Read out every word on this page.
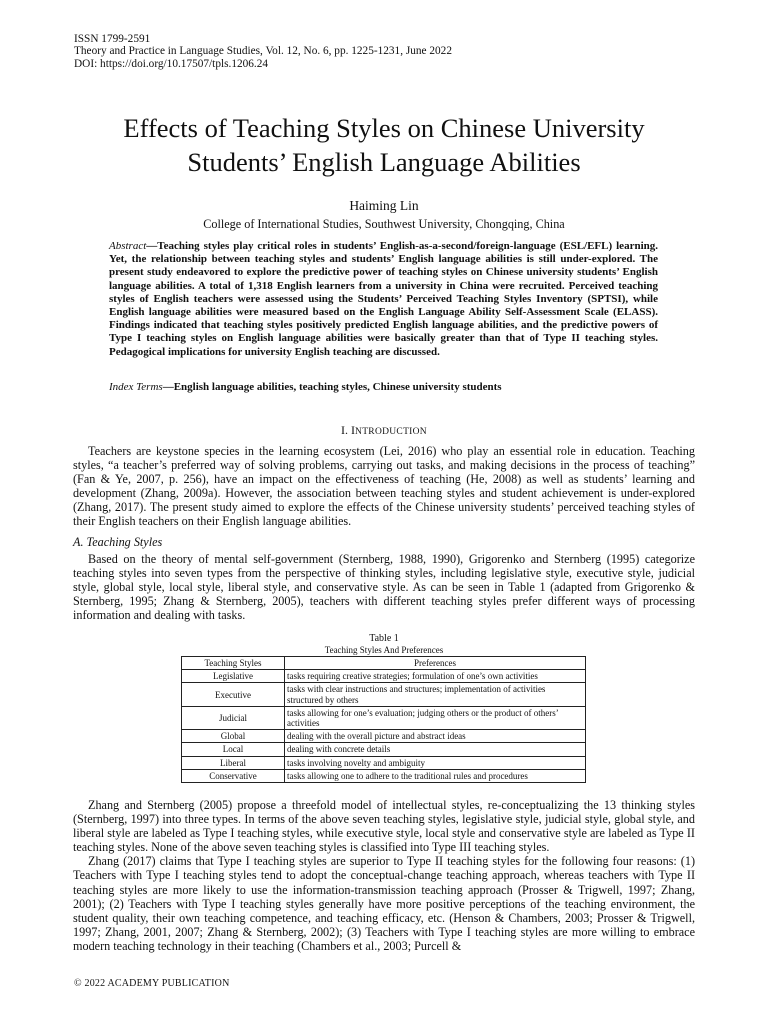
ISSN 1799-2591
Theory and Practice in Language Studies, Vol. 12, No. 6, pp. 1225-1231, June 2022
DOI: https://doi.org/10.17507/tpls.1206.24
Effects of Teaching Styles on Chinese University
Students’ English Language Abilities
Haiming Lin
College of International Studies, Southwest University, Chongqing, China
Abstract—Teaching styles play critical roles in students’ English-as-a-second/foreign-language (ESL/EFL) learning. Yet, the relationship between teaching styles and students’ English language abilities is still under-explored. The present study endeavored to explore the predictive power of teaching styles on Chinese university students’ English language abilities. A total of 1,318 English learners from a university in China were recruited. Perceived teaching styles of English teachers were assessed using the Students’ Perceived Teaching Styles Inventory (SPTSI), while English language abilities were measured based on the English Language Ability Self-Assessment Scale (ELASS). Findings indicated that teaching styles positively predicted English language abilities, and the predictive powers of Type I teaching styles on English language abilities were basically greater than that of Type II teaching styles. Pedagogical implications for university English teaching are discussed.
Index Terms—English language abilities, teaching styles, Chinese university students
I. INTRODUCTION

Teachers are keystone species in the learning ecosystem (Lei, 2016) who play an essential role in education. Teaching styles, “a teacher’s preferred way of solving problems, carrying out tasks, and making decisions in the process of teaching” (Fan & Ye, 2007, p. 256), have an impact on the effectiveness of teaching (He, 2008) as well as students’ learning and development (Zhang, 2009a). However, the association between teaching styles and student achievement is under-explored (Zhang, 2017). The present study aimed to explore the effects of the Chinese university students’ perceived teaching styles of their English teachers on their English language abilities.

A. Teaching Styles

Based on the theory of mental self-government (Sternberg, 1988, 1990), Grigorenko and Sternberg (1995) categorize teaching styles into seven types from the perspective of thinking styles, including legislative style, executive style, judicial style, global style, local style, liberal style, and conservative style. As can be seen in Table 1 (adapted from Grigorenko & Sternberg, 1995; Zhang & Sternberg, 2005), teachers with different teaching styles prefer different ways of processing information and dealing with tasks.

Table 1
Teaching Styles And Preferences
Teaching Styles	Preferences
Legislative	tasks requiring creative strategies; formulation of one’s own activities
Executive	tasks with clear instructions and structures; implementation of activities structured by others
Judicial	tasks allowing for one’s evaluation; judging others or the product of others’ activities
Global	dealing with the overall picture and abstract ideas
Local	dealing with concrete details
Liberal	tasks involving novelty and ambiguity
Conservative	tasks allowing one to adhere to the traditional rules and procedures

Zhang and Sternberg (2005) propose a threefold model of intellectual styles, re-conceptualizing the 13 thinking styles (Sternberg, 1997) into three types. In terms of the above seven teaching styles, legislative style, judicial style, global style, and liberal style are labeled as Type I teaching styles, while executive style, local style and conservative style are labeled as Type II teaching styles. None of the above seven teaching styles is classified into Type III teaching styles.

Zhang (2017) claims that Type I teaching styles are superior to Type II teaching styles for the following four reasons: (1) Teachers with Type I teaching styles tend to adopt the conceptual-change teaching approach, whereas teachers with Type II teaching styles are more likely to use the information-transmission teaching approach (Prosser & Trigwell, 1997; Zhang, 2001); (2) Teachers with Type I teaching styles generally have more positive perceptions of the teaching environment, the student quality, their own teaching competence, and teaching efficacy, etc. (Henson & Chambers, 2003; Prosser & Trigwell, 1997; Zhang, 2001, 2007; Zhang & Sternberg, 2002); (3) Teachers with Type I teaching styles are more willing to embrace modern teaching technology in their teaching (Chambers et al., 2003; Purcell &

© 2022 ACADEMY PUBLICATION
